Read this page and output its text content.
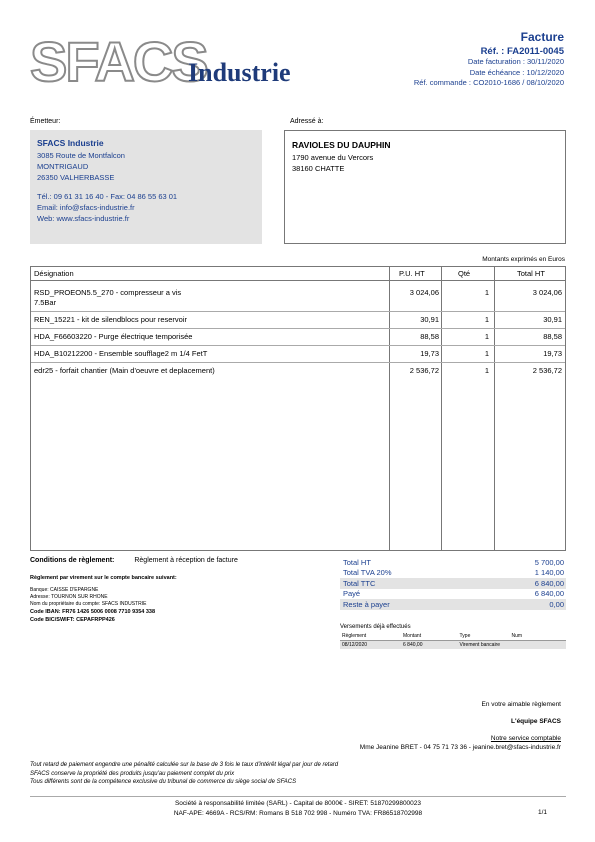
SFACS
Industrie
Facture
Réf. : FA2011-0045
Date facturation : 30/11/2020
Date échéance : 10/12/2020
Réf. commande : CO2010-1686 / 08/10/2020
Émetteur:
SFACS Industrie
3085 Route de Montfalcon
MONTRIGAUD
26350 VALHERBASSE
Tél.: 09 61 31 16 40 - Fax: 04 86 55 63 01
Email: info@sfacs-industrie.fr
Web: www.sfacs-industrie.fr
Adressé à:
RAVIOLES DU DAUPHIN
1790 avenue du Vercors
38160 CHATTE
Montants exprimés en Euros
Désignation	P.U. HT	Qté	Total HT
RSD_PROEON5.5_270 - compresseur a vis
7.5Bar
3 024,06	1	3 024,06
REN_15221 - kit de silendblocs pour reservoir	30,91	1	30,91
HDA_F66603220 - Purge électrique temporisée	88,58	1	88,58
HDA_B10212200 - Ensemble soufflage2 m 1/4 FetT	19,73	1	19,73
edr25 - forfait chantier (Main d'oeuvre et deplacement)	2 536,72	1	2 536,72
Conditions de règlement:	Règlement à réception de facture
Règlement par virement sur le compte bancaire suivant:
Banque: CAISSE D'EPARGNE
Adresse: TOURNON SUR RHONE
Nom du propriétaire du compte: SFACS INDUSTRIE
Code IBAN: FR76 1426 5006 0008 7710 9354 338
Code BIC/SWIFT: CEPAFRPP426
Total HT	5 700,00
Total TVA 20%	1 140,00
Total TTC	6 840,00
Payé	6 840,00
Reste à payer	0,00
Versements déjà effectués
Règlement	Montant	Type	Num
08/12/2020	6 840,00	Virement bancaire	
En votre aimable règlement
L'équipe SFACS
Notre service comptable
Mme Jeanine BRET - 04 75 71 73 36 - jeanine.bret@sfacs-industrie.fr
Tout retard de paiement engendre une pénalité calculée sur la base de 3 fois le taux d'intérêt légal par jour de retard
SFACS conserve la propriété des produits jusqu'au paiement complet du prix
Tous différents sont de la compétence exclusive du tribunal de commerce du siège social de SFACS
Société à responsabilité limitée (SARL) - Capital de 8000€ - SIRET: 51870299800023
NAF-APE: 4669A - RCS/RM: Romans B 518 702 998 - Numéro TVA: FR86518702998	1/1
